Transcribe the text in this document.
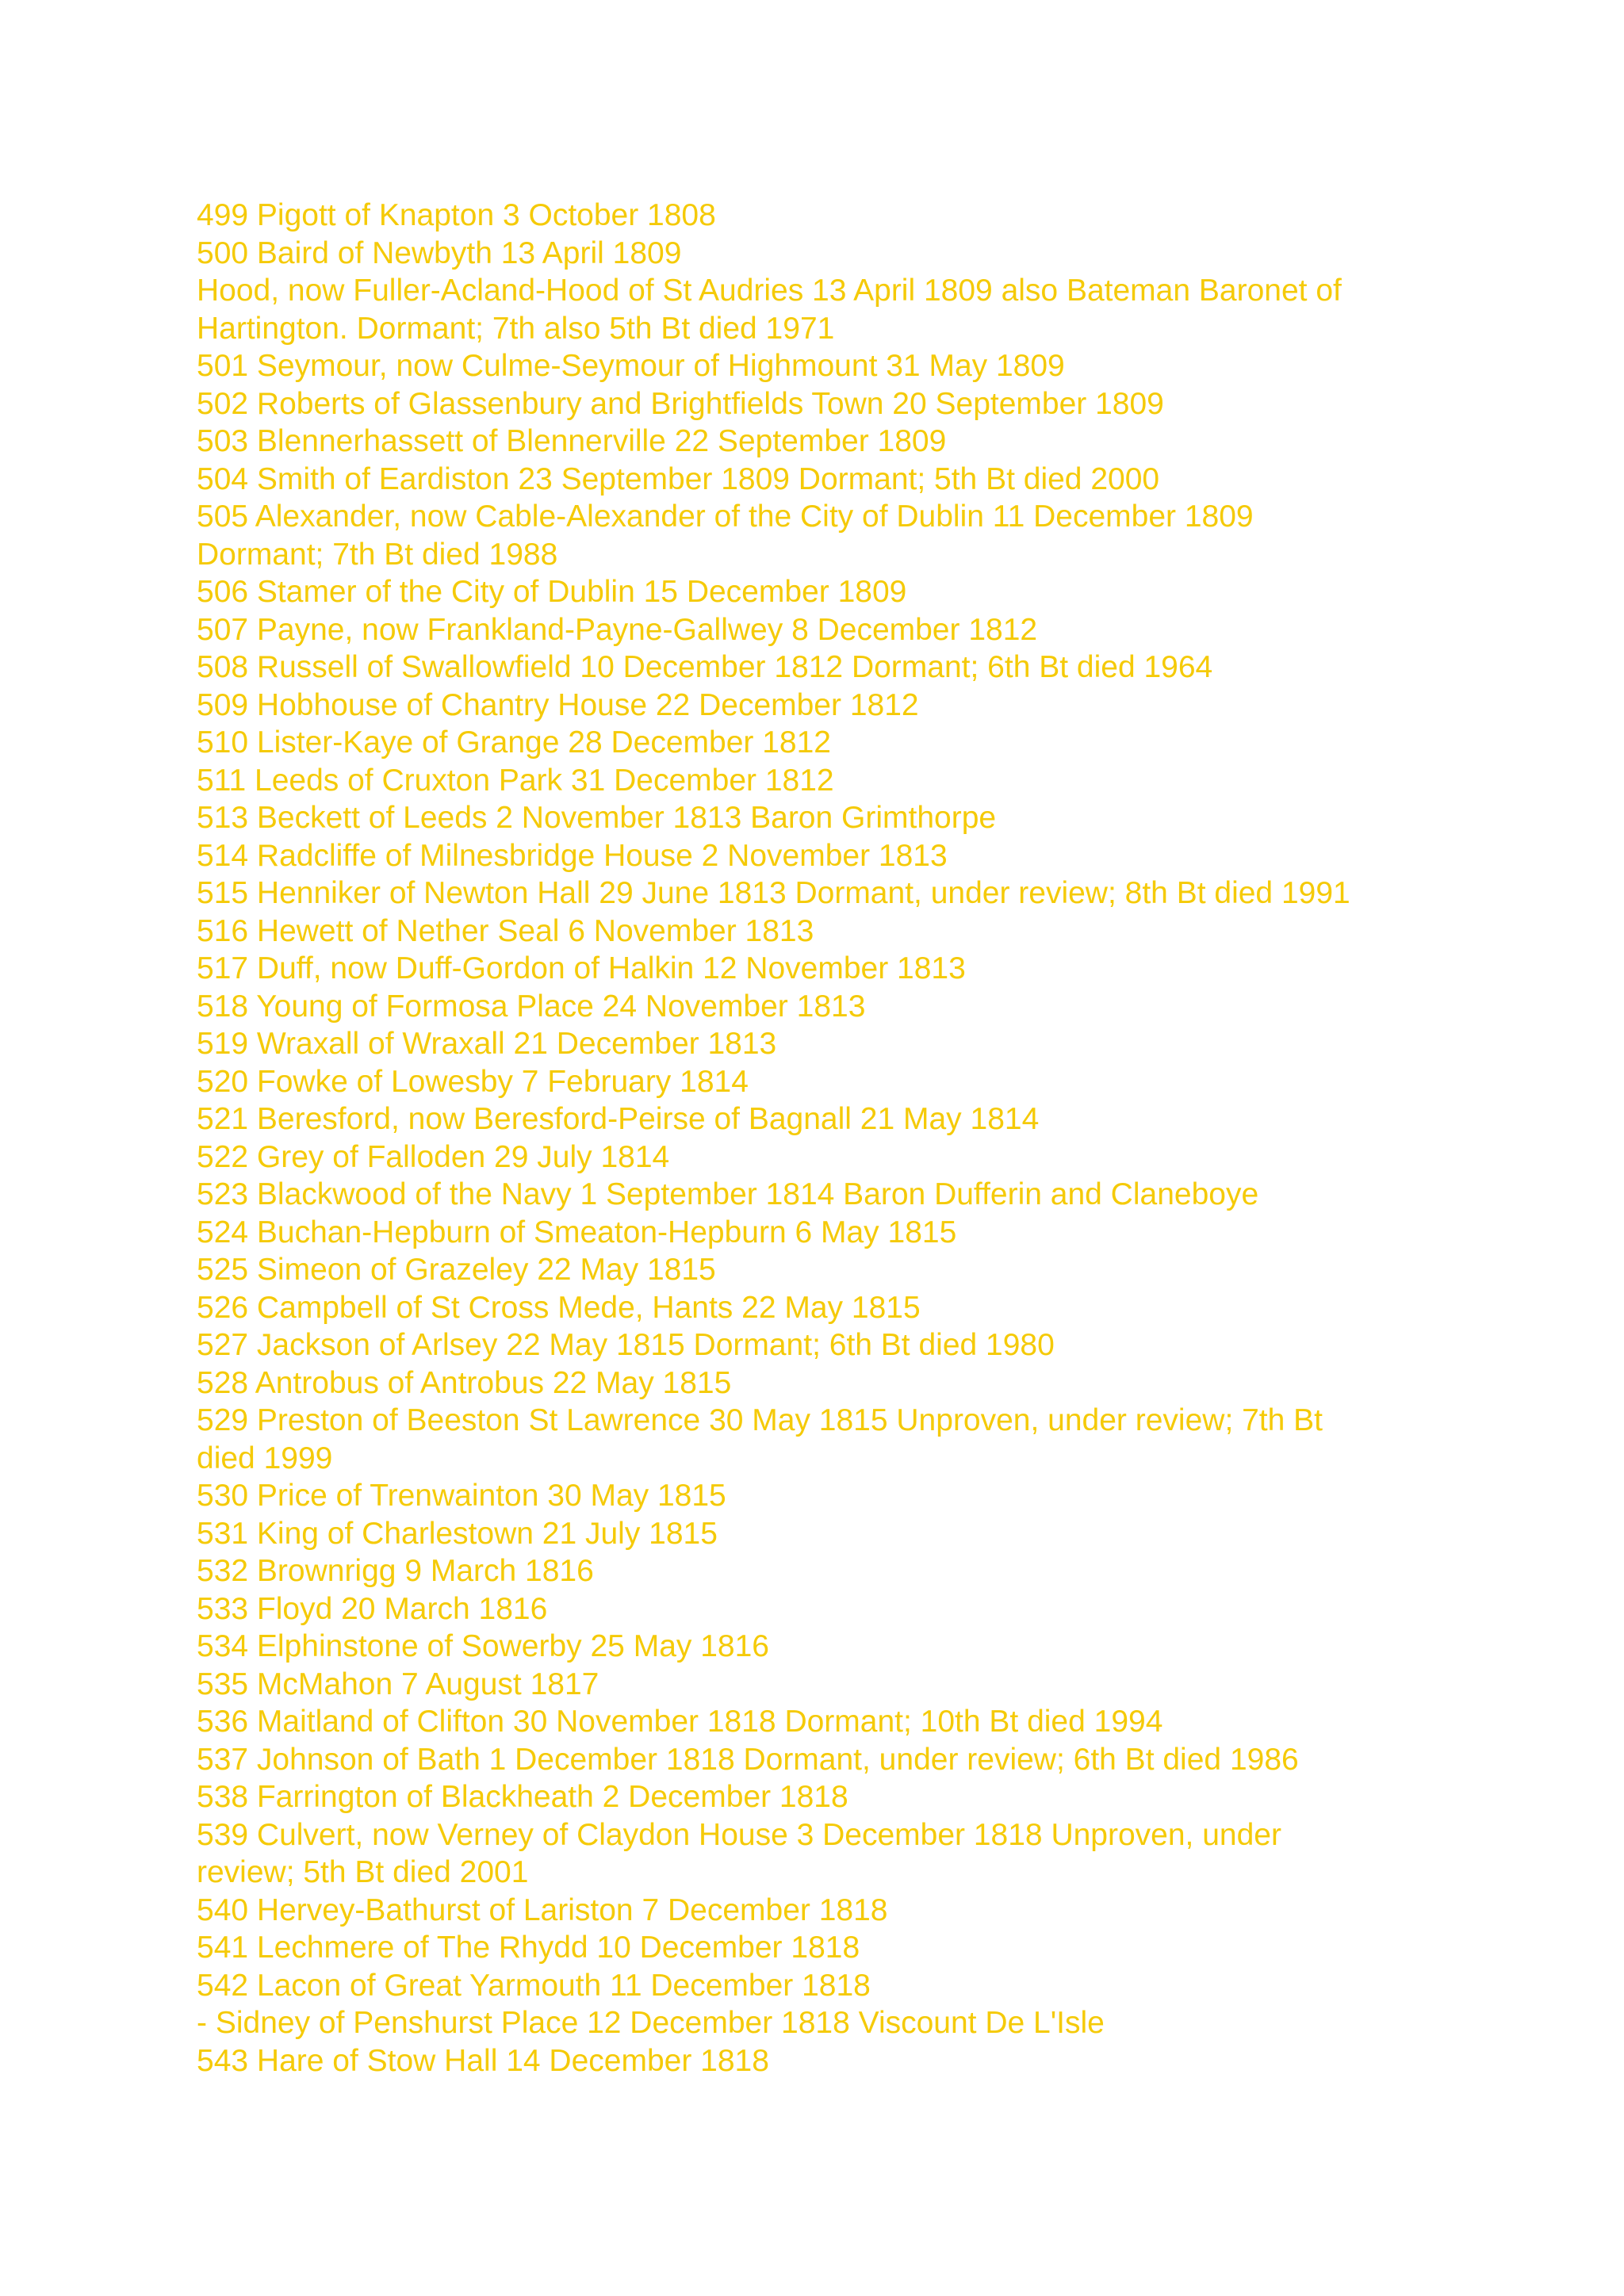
499 Pigott of Knapton 3 October 1808

500 Baird of Newbyth 13 April 1809

Hood, now Fuller-Acland-Hood of St Audries 13 April 1809 also Bateman Baronet of

Hartington. Dormant; 7th also 5th Bt died 1971

501 Seymour, now Culme-Seymour of Highmount 31 May 1809

502 Roberts of Glassenbury and Brightfields Town 20 September 1809

503 Blennerhassett of Blennerville 22 September 1809

504 Smith of Eardiston 23 September 1809 Dormant; 5th Bt died 2000

505 Alexander, now Cable-Alexander of the City of Dublin 11 December 1809

Dormant; 7th Bt died 1988

506 Stamer of the City of Dublin 15 December 1809

507 Payne, now Frankland-Payne-Gallwey 8 December 1812

508 Russell of Swallowfield 10 December 1812 Dormant; 6th Bt died 1964

509 Hobhouse of Chantry House 22 December 1812

510 Lister-Kaye of Grange 28 December 1812

511 Leeds of Cruxton Park 31 December 1812

513 Beckett of Leeds 2 November 1813 Baron Grimthorpe

514 Radcliffe of Milnesbridge House 2 November 1813

515 Henniker of Newton Hall 29 June 1813 Dormant, under review; 8th Bt died 1991

516 Hewett of Nether Seal 6 November 1813

517 Duff, now Duff-Gordon of Halkin 12 November 1813

518 Young of Formosa Place 24 November 1813

519 Wraxall of Wraxall 21 December 1813

520 Fowke of Lowesby 7 February 1814

521 Beresford, now Beresford-Peirse of Bagnall 21 May 1814

522 Grey of Falloden 29 July 1814

523 Blackwood of the Navy 1 September 1814 Baron Dufferin and Claneboye

524 Buchan-Hepburn of Smeaton-Hepburn 6 May 1815

525 Simeon of Grazeley 22 May 1815

526 Campbell of St Cross Mede, Hants 22 May 1815

527 Jackson of Arlsey 22 May 1815 Dormant; 6th Bt died 1980

528 Antrobus of Antrobus 22 May 1815

529 Preston of Beeston St Lawrence 30 May 1815 Unproven, under review; 7th Bt

died 1999

530 Price of Trenwainton 30 May 1815

531 King of Charlestown 21 July 1815

532 Brownrigg 9 March 1816

533 Floyd 20 March 1816

534 Elphinstone of Sowerby 25 May 1816

535 McMahon 7 August 1817

536 Maitland of Clifton 30 November 1818 Dormant; 10th Bt died 1994

537 Johnson of Bath 1 December 1818 Dormant, under review; 6th Bt died 1986

538 Farrington of Blackheath 2 December 1818

539 Culvert, now Verney of Claydon House 3 December 1818 Unproven, under

review; 5th Bt died 2001

540 Hervey-Bathurst of Lariston 7 December 1818

541 Lechmere of The Rhydd 10 December 1818

542 Lacon of Great Yarmouth 11 December 1818

- Sidney of Penshurst Place 12 December 1818 Viscount De L'Isle

543 Hare of Stow Hall 14 December 1818
